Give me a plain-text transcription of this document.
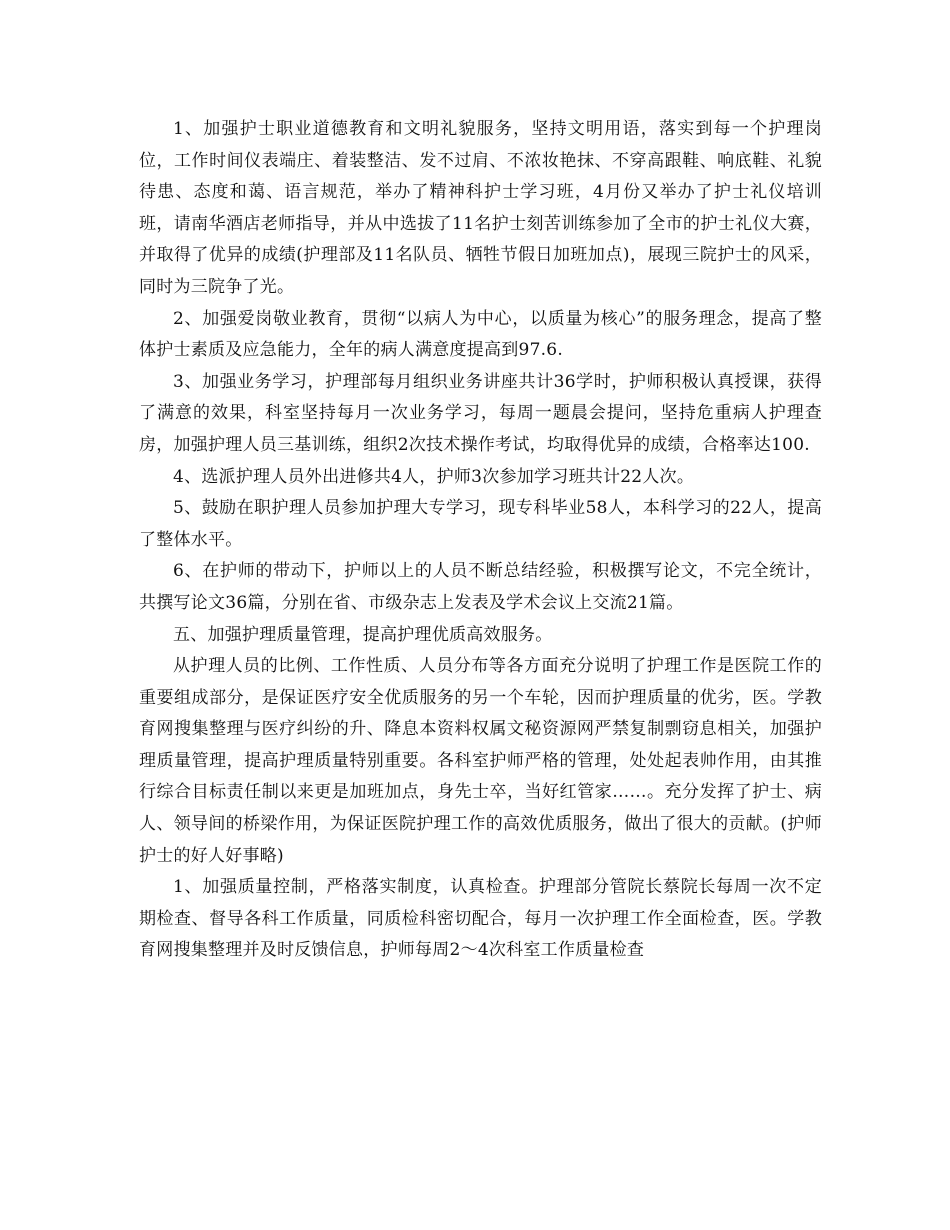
1、加强护士职业道德教育和文明礼貌服务，坚持文明用语，落实到每一个护理岗位，工作时间仪表端庄、着装整洁、发不过肩、不浓妆艳抹、不穿高跟鞋、响底鞋、礼貌待患、态度和蔼、语言规范，举办了精神科护士学习班，4月份又举办了护士礼仪培训班，请南华酒店老师指导，并从中选拔了11名护士刻苦训练参加了全市的护士礼仪大赛，并取得了优异的成绩(护理部及11名队员、牺牲节假日加班加点)，展现三院护士的风采，同时为三院争了光。

2、加强爱岗敬业教育，贯彻“以病人为中心，以质量为核心”的服务理念，提高了整体护士素质及应急能力，全年的病人满意度提高到97.6.

3、加强业务学习，护理部每月组织业务讲座共计36学时，护师积极认真授课，获得了满意的效果，科室坚持每月一次业务学习，每周一题晨会提问，坚持危重病人护理查房，加强护理人员三基训练，组织2次技术操作考试，均取得优异的成绩，合格率达100.

4、选派护理人员外出进修共4人，护师3次参加学习班共计22人次。

5、鼓励在职护理人员参加护理大专学习，现专科毕业58人，本科学习的22人，提高了整体水平。

6、在护师的带动下，护师以上的人员不断总结经验，积极撰写论文，不完全统计，共撰写论文36篇，分别在省、市级杂志上发表及学术会议上交流21篇。

五、加强护理质量管理，提高护理优质高效服务。

从护理人员的比例、工作性质、人员分布等各方面充分说明了护理工作是医院工作的重要组成部分，是保证医疗安全优质服务的另一个车轮，因而护理质量的优劣，医。学教育网搜集整理与医疗纠纷的升、降息本资料权属文秘资源网严禁复制剽窃息相关，加强护理质量管理，提高护理质量特别重要。各科室护师严格的管理，处处起表帅作用，由其推行综合目标责任制以来更是加班加点，身先士卒，当好红管家……。充分发挥了护士、病人、领导间的桥梁作用，为保证医院护理工作的高效优质服务，做出了很大的贡献。(护师护士的好人好事略)

1、加强质量控制，严格落实制度，认真检查。护理部分管院长蔡院长每周一次不定期检查、督导各科工作质量，同质检科密切配合，每月一次护理工作全面检查，医。学教育网搜集整理并及时反馈信息，护师每周2～4次科室工作质量检查
